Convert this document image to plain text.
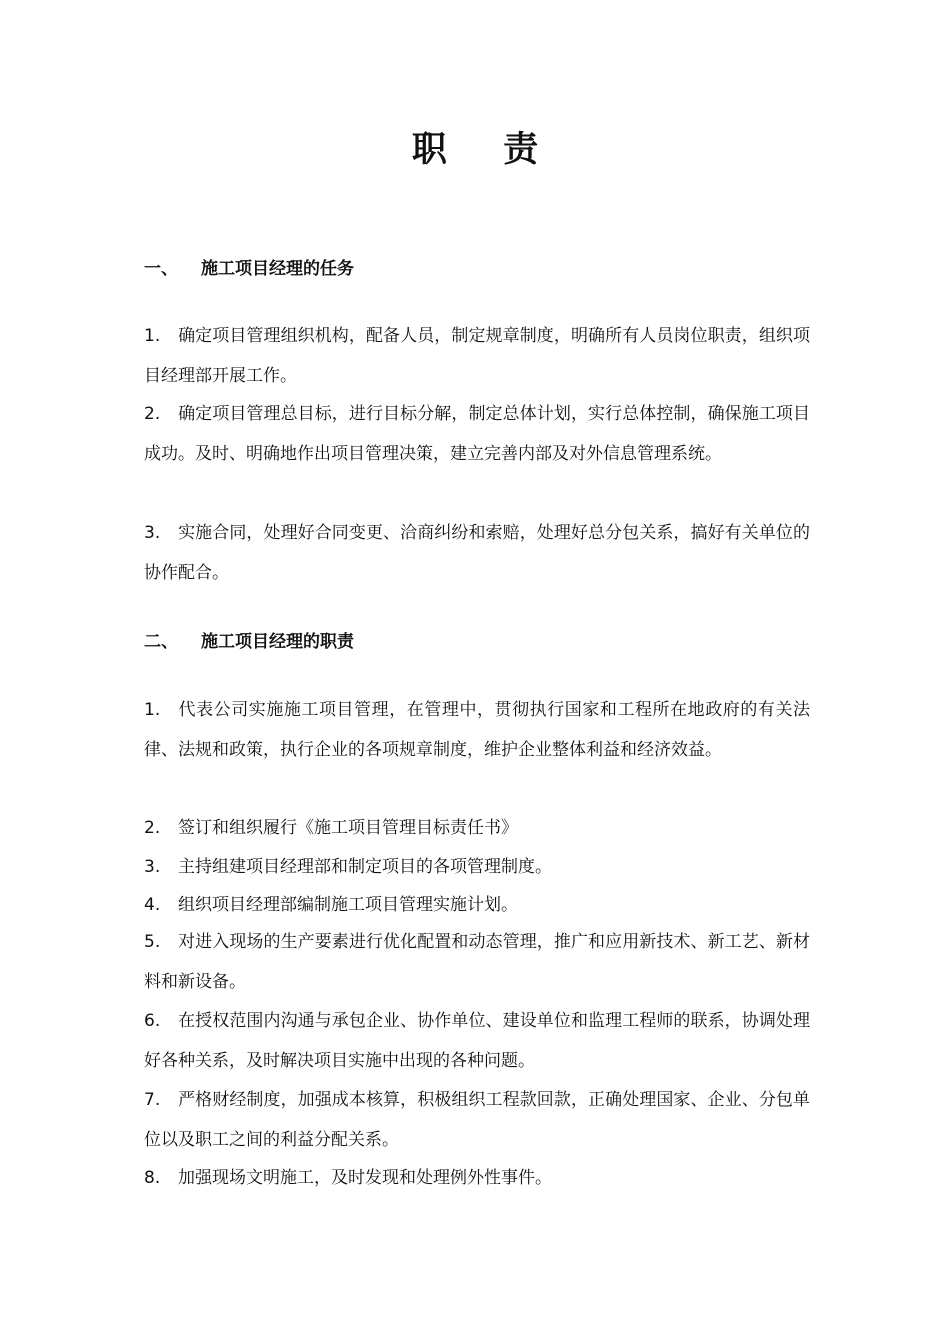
职 责
一、 施工项目经理的任务
1. 确定项目管理组织机构，配备人员，制定规章制度，明确所有人员岗位职责，组织项目经理部开展工作。
2. 确定项目管理总目标，进行目标分解，制定总体计划，实行总体控制，确保施工项目成功。及时、明确地作出项目管理决策，建立完善内部及对外信息管理系统。
3. 实施合同，处理好合同变更、洽商纠纷和索赔，处理好总分包关系，搞好有关单位的协作配合。
二、 施工项目经理的职责
1. 代表公司实施施工项目管理，在管理中，贯彻执行国家和工程所在地政府的有关法律、法规和政策，执行企业的各项规章制度，维护企业整体利益和经济效益。
2. 签订和组织履行《施工项目管理目标责任书》
3. 主持组建项目经理部和制定项目的各项管理制度。
4. 组织项目经理部编制施工项目管理实施计划。
5. 对进入现场的生产要素进行优化配置和动态管理，推广和应用新技术、新工艺、新材料和新设备。
6. 在授权范围内沟通与承包企业、协作单位、建设单位和监理工程师的联系，协调处理好各种关系，及时解决项目实施中出现的各种问题。
7. 严格财经制度，加强成本核算，积极组织工程款回款，正确处理国家、企业、分包单位以及职工之间的利益分配关系。
8. 加强现场文明施工，及时发现和处理例外性事件。
